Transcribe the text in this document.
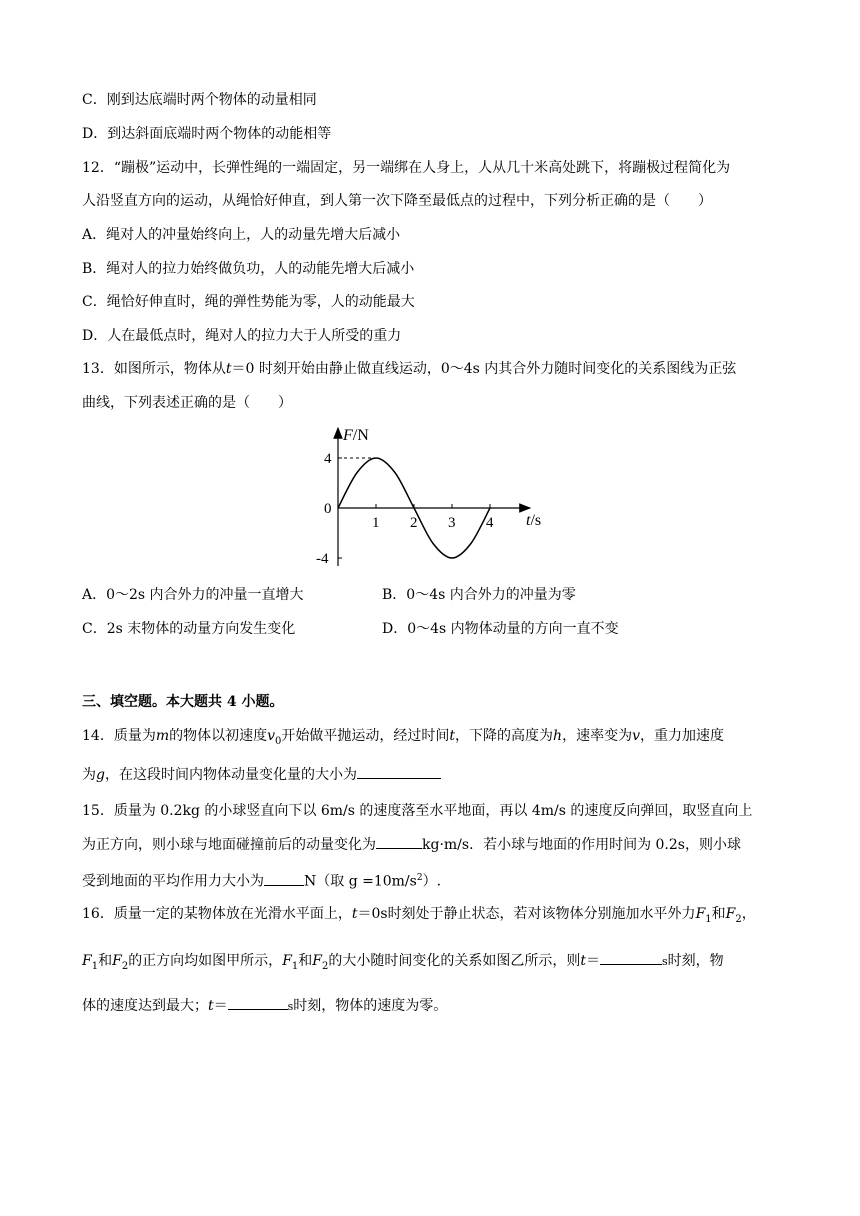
C．刚到达底端时两个物体的动量相同
D．到达斜面底端时两个物体的动能相等
12．“蹦极”运动中，长弹性绳的一端固定，另一端绑在人身上，人从几十米高处跳下，将蹦极过程简化为
人沿竖直方向的运动，从绳恰好伸直，到人第一次下降至最低点的过程中，下列分析正确的是（　　）
A．绳对人的冲量始终向上，人的动量先增大后减小
B．绳对人的拉力始终做负功，人的动能先增大后减小
C．绳恰好伸直时，绳的弹性势能为零，人的动能最大
D．人在最低点时，绳对人的拉力大于人所受的重力
13．如图所示，物体从t＝0 时刻开始由静止做直线运动，0～4s 内其合外力随时间变化的关系图线为正弦
曲线，下列表述正确的是（　　）
1 2 3 4
4
0
-4
F/N
t/s
A．0～2s 内合外力的冲量一直增大	B．0～4s 内合外力的冲量为零
C．2s 末物体的动量方向发生变化	D．0～4s 内物体动量的方向一直不变
三、填空题。本大题共 4 小题。
14．质量为m的物体以初速度$v_0$开始做平抛运动，经过时间t，下降的高度为h，速率变为v，重力加速度
为g，在这段时间内物体动量变化量的大小为
15．质量为 0.2kg 的小球竖直向下以 6m/s 的速度落至水平地面，再以 4m/s 的速度反向弹回，取竖直向上
为正方向，则小球与地面碰撞前后的动量变化为	kg·m/s．若小球与地面的作用时间为 0.2s，则小球
受到地面的平均作用力大小为	N（取 $g =10m/s^2$）.
16．质量一定的某物体放在光滑水平面上，t＝0s时刻处于静止状态，若对该物体分别施加水平外力$F_1$和$F_2$，
$F_1$和$F_2$的正方向均如图甲所示，$F_1$和$F_2$的大小随时间变化的关系如图乙所示，则t＝	s时刻，物
体的速度达到最大；t＝	s时刻，物体的速度为零。
